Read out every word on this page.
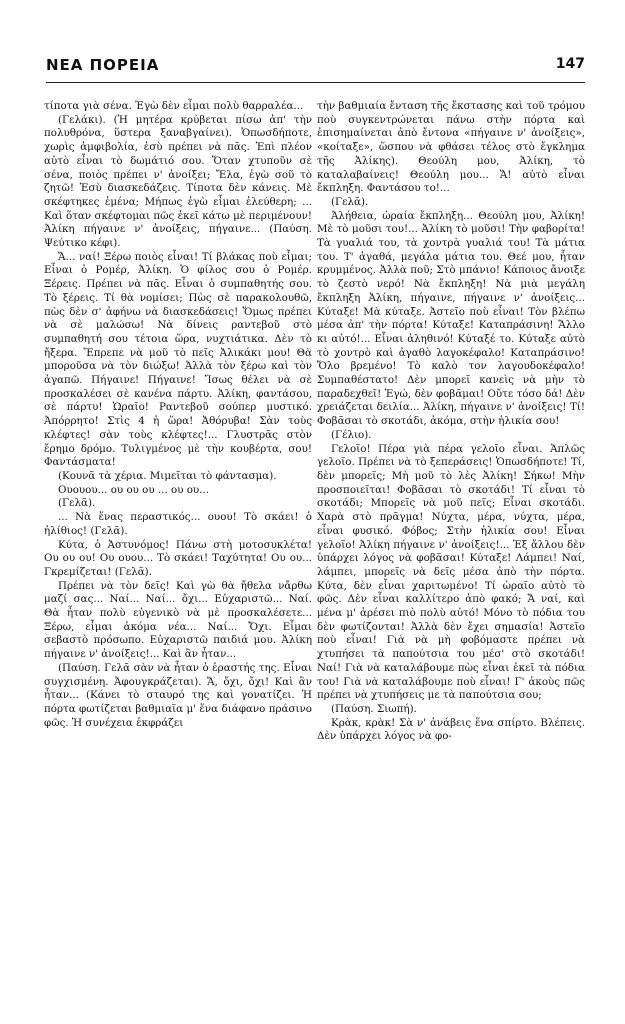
ΝΕΑ ΠΟΡΕΙΑ	147

τίποτα γιὰ σένα. Ἐγὼ δὲν εἶμαι πολὺ θαρραλέα...

(Γελάκι). (Ἡ μητέρα κρύβεται πίσω ἀπ' τὴν πολυθρόνα, ὕστερα ξαναβγαίνει). Ὁπωσδήποτε, χωρὶς ἀμφιβολία, ἐσὺ πρέπει νὰ πᾶς. Ἐπὶ πλέον αὐτὸ εἶναι τὸ δωμάτιό σου. Ὅταν χτυποῦν σὲ σένα, ποιὸς πρέπει ν' ἀνοίξει; Ἔλα, ἐγὼ σοῦ τὸ ζητῶ! Ἐσὺ διασκεδάζεις. Τίποτα δὲν κάνεις. Μὲ σκέφτηκες ἐμένα; Μήπως ἐγὼ εἶμαι ἐλεύθερη; ... Καὶ ὅταν σκέφτομαι πῶς ἐκεῖ κάτω μὲ περιμένουν! Ἀλίκη πήγαινε ν' ἀνοίξεις, πήγαινε... (Παύση. Ψεύτικο κέφι).

Ἄ... ναί! Ξέρω ποιὸς εἶναι! Τί βλάκας ποὺ εἶμαι; Εἶναι ὁ Ρομέρ, Ἀλίκη. Ὁ φίλος σου ὁ Ρομέρ. Ξέρεις. Πρέπει νὰ πᾶς. Εἶναι ὁ συμπαθητής σου. Τὸ ξέρεις. Τί θὰ νομίσει; Πὼς σὲ παρακολουθῶ, πὼς δὲν σ' ἀφήνω νὰ διασκεδάσεις! Ὅμως πρέπει νὰ σὲ μαλώσω! Νὰ δίνεις ραντεβοῦ στὸ συμπαθητή σου τέτοια ὥρα, νυχτιάτικα. Δὲν τὸ ἤξερα. Ἔπρεπε νὰ μοῦ τὸ πεῖς Ἀλικάκι μου! Θὰ μποροῦσα νὰ τὸν διώξω! Ἀλλὰ τὸν ξέρω καὶ τὸν ἀγαπῶ. Πήγαινε! Πήγαινε! Ἴσως θέλει νὰ σὲ προσκαλέσει σὲ κανένα πάρτυ. Ἀλίκη, φαντάσου, σὲ πάρτυ! Ὡραῖο! Ραντεβοῦ σούπερ μυστικό. Ἀπόρρητο! Στὶς 4 ἡ ὥρα! Ἀθόρυβα! Σὰν τοὺς κλέφτες! σὰν τοὺς κλέφτες!... Γλυστρᾶς στὸν ἔρημο δρόμο. Τυλιγμένος μὲ τὴν κουβέρτα, σου! Φαντάσματα!

(Κουνᾶ τὰ χέρια. Μιμεῖται τὸ φάντασμα).

Ουουου... ου ου ου ... ου ου...

(Γελᾶ).

... Νὰ ἕνας περαστικός... ουου! Τὸ σκάει! ὁ ἠλίθιος! (Γελᾶ).

Κύτα, ὁ Ἀστυνόμος! Πάνω στὴ μοτοσυκλέτα! Ου ου ου! Ου ουου... Τὸ σκάει! Ταχύτητα! Ου ου... Γκρεμίζεται! (Γελᾶ).

Πρέπει νὰ τὸν δεῖς! Καὶ γὼ θὰ ἤθελα νἄρθω μαζί σας... Ναί... Ναί... ὄχι... Εὐχαριστῶ... Ναί. Θὰ ἦταν πολὺ εὐγενικὸ νὰ μὲ προσκαλέσετε... Ξέρω, εἶμαι ἀκόμα νέα... Ναί... Ὄχι. Εἶμαι σεβαστὸ πρόσωπο. Εὐχαριστῶ παιδιά μου. Ἀλίκη πήγαινε ν' ἀνοίξεις!... Καὶ ἂν ἦταν...

(Παύση. Γελᾶ σὰν νὰ ἦταν ὁ ἐραστής της. Εἶναι συγχισμένη. Ἀφουγκράζεται). Ἄ, ὄχι, ὄχι! Καὶ ἂν ἦταν... (Κάνει τὸ σταυρό της καὶ γονατίζει. Ἡ πόρτα φωτίζεται βαθμιαῖα μ' ἕνα διάφανο πράσινο φῶς. Ἡ συνέχεια ἐκφράζει

τὴν βαθμιαία ἔνταση τῆς ἔκστασης καὶ τοῦ τρόμου ποὺ συγκεντρώνεται πάνω στὴν πόρτα καὶ ἐπισημαίνεται ἀπὸ ἔντονα «πήγαινε ν' ἀνοίξεις», «κοίταξε», ὥσπου νὰ φθάσει τέλος στὸ ἔγκλημα τῆς Ἀλίκης). Θεούλη μου, Ἀλίκη, τὸ καταλαβαίνεις! Θεούλη μου... Ἄ! αὐτὸ εἶναι ἔκπληξη. Φαντάσου το!...

(Γελᾶ).

Ἀλήθεια, ὡραία ἔκπληξη... Θεούλη μου, Ἀλίκη! Μὲ τὸ μοῦσι του!... Ἀλίκη τὸ μοῦσι! Τὴν φαβορίτα! Τὰ γυαλιά του, τὰ χοντρὰ γυαλιά του! Τὰ μάτια του. Τ' ἀγαθά, μεγάλα μάτια του. Θεέ μου, ἦταν κρυμμένος. Ἀλλὰ ποῦ; Στὸ μπάνιο! Κάποιος ἄνοιξε τὸ ζεστὸ νερό! Νὰ ἔκπληξη! Νὰ μιὰ μεγάλη ἔκπληξη Ἀλίκη, πήγαινε, πήγαινε ν' ἀνοίξεις... Κύταξε! Μὰ κύταξε. Ἀστεῖο ποὺ εἶναι! Τὸν βλέπω μέσα ἀπ' τὴν πόρτα! Κύταξε! Καταπράσινη! Ἄλλο κι αὐτό!... Εἶναι ἀληθινό! Κύταξέ το. Κύταξε αὐτὸ τὸ χοντρὸ καὶ ἀγαθὸ λαγοκέφαλο! Καταπράσινο! Ὅλο βρεμένο! Τὸ καλὸ τον λαγουδοκέφαλο! Συμπαθέστατο! Δὲν μπορεῖ κανεὶς νὰ μὴν τὸ παραδεχθεῖ! Ἐγώ, δὲν φοβᾶμαι! Οὔτε τόσο δά! Δὲν χρειάζεται δειλία... Ἀλίκη, πήγαινε ν' ἀνοίξεις! Τί! Φοβᾶσαι τὸ σκοτάδι, ἀκόμα, στὴν ἡλικία σου!

(Γέλιο).

Γελοῖο! Πέρα γιὰ πέρα γελοῖο εἶναι. Ἁπλῶς γελοῖο. Πρέπει νὰ τὸ ξεπεράσεις! Ὁπωσδήποτε! Τί, δὲν μπορεῖς; Μὴ μοῦ τὸ λὲς Ἀλίκη! Σήκω! Μὴν προσποιεῖται! Φοβᾶσαι τὸ σκοτάδι! Τί εἶναι τὸ σκοτάδι; Μπορεῖς νὰ μοῦ πεῖς; Εἶναι σκοτάδι. Χαρὰ στὸ πρᾶγμα! Νύχτα, μέρα, νύχτα, μέρα, εἶναι φυσικό. Φόβος; Στὴν ἡλικία σου! Εἶναι γελοῖο! Ἀλίκη πήγαινε ν' ἀνοίξεις!... Ἐξ ἄλλου δὲν ὑπάρχει λόγος νὰ φοβᾶσαι! Κύταξε! Λάμπει! Ναί, λάμπει, μπορεῖς νὰ δεῖς μέσα ἀπὸ τὴν πόρτα. Κύτα, δὲν εἶναι χαριτωμένο! Τί ὡραῖο αὐτὸ τὸ φῶς. Δὲν εἶναι καλλίτερο ἀπὸ φακό; Ἄ ναί, καὶ μένα μ' ἀρέσει πιὸ πολὺ αὐτό! Μόνο τὸ πόδια του δὲν φωτίζονται! Ἀλλὰ δὲν ἔχει σημασία! Ἀστεῖο ποὺ εἶναι! Γιὰ νὰ μὴ φοβόμαστε πρέπει νὰ χτυπήσει τὰ παπούτσια του μέσ' στὸ σκοτάδι! Ναί! Γιὰ νὰ καταλάβουμε πὼς εἶναι ἐκεῖ τὰ πόδια του! Γιὰ νὰ καταλάβουμε ποὺ εἶναι! Γ' ἀκοὺς πῶς πρέπει νὰ χτυπήσεις με τὰ παπούτσια σου;

(Παύση. Σιωπή).

Κρὰκ, κρὰκ! Σὰ ν' ἀνάβεις ἕνα σπίρτο. Βλέπεις. Δὲν ὑπάρχει λόγος νὰ φο-
